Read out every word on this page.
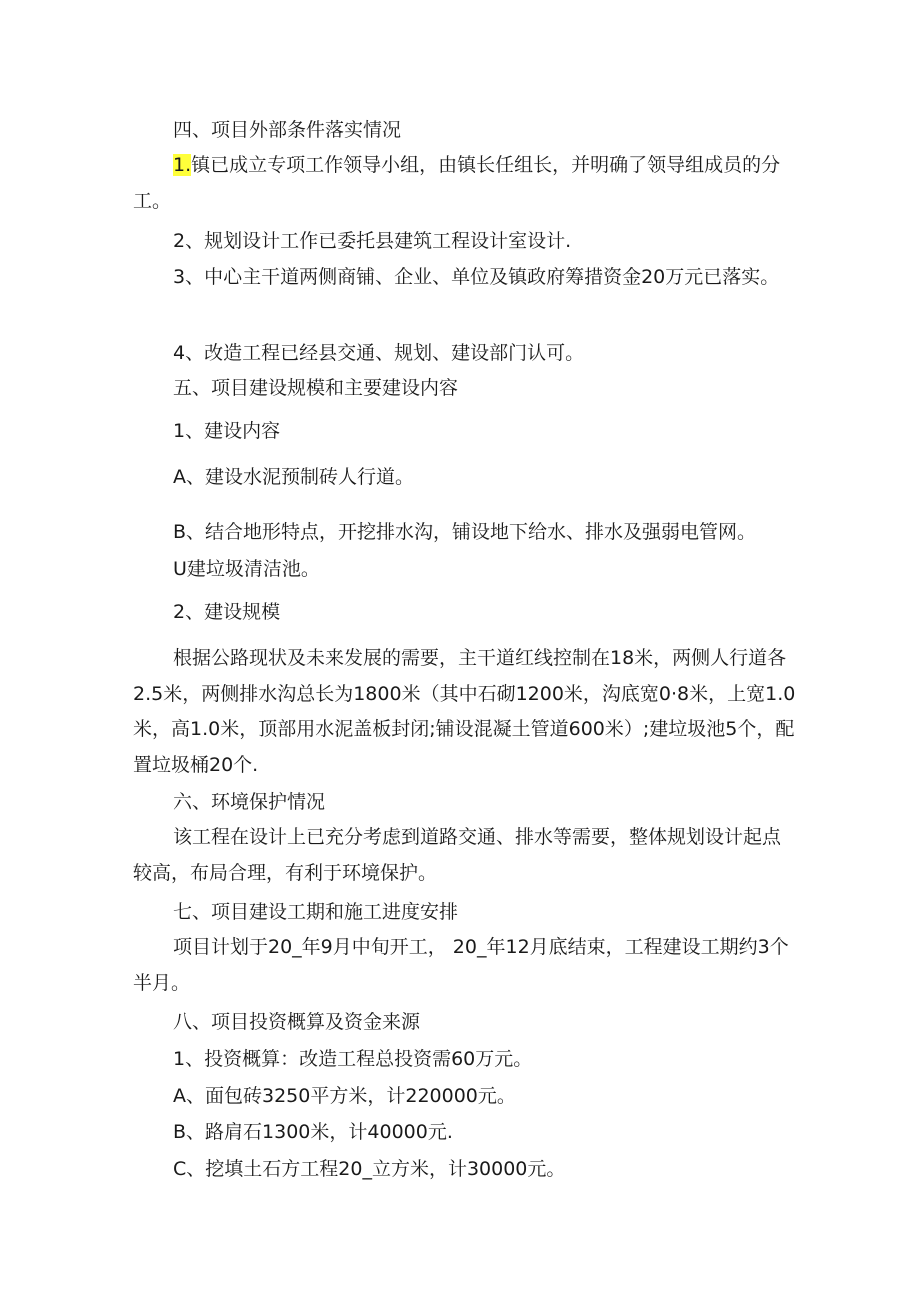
四、项目外部条件落实情况
1.镇已成立专项工作领导小组，由镇长任组长，并明确了领导组成员的分工。
2、规划设计工作已委托县建筑工程设计室设计.
3、中心主干道两侧商铺、企业、单位及镇政府筹措资金20万元已落实。
4、改造工程已经县交通、规划、建设部门认可。
五、项目建设规模和主要建设内容
1、建设内容
A、建设水泥预制砖人行道。
B、结合地形特点，开挖排水沟，铺设地下给水、排水及强弱电管网。
U建垃圾清洁池。
2、建设规模
根据公路现状及未来发展的需要，主干道红线控制在18米，两侧人行道各2.5米，两侧排水沟总长为1800米（其中石砌1200米，沟底宽0·8米，上宽1.0米，高1.0米，顶部用水泥盖板封闭;铺设混凝土管道600米）;建垃圾池5个，配置垃圾桶20个.
六、环境保护情况
该工程在设计上已充分考虑到道路交通、排水等需要，整体规划设计起点较高，布局合理，有利于环境保护。
七、项目建设工期和施工进度安排
项目计划于20_年9月中旬开工， 20_年12月底结束，工程建设工期约3个半月。
八、项目投资概算及资金来源
1、投资概算：改造工程总投资需60万元。
A、面包砖3250平方米，计220000元。
B、路肩石1300米，计40000元.
C、挖填土石方工程20_立方米，计30000元。
